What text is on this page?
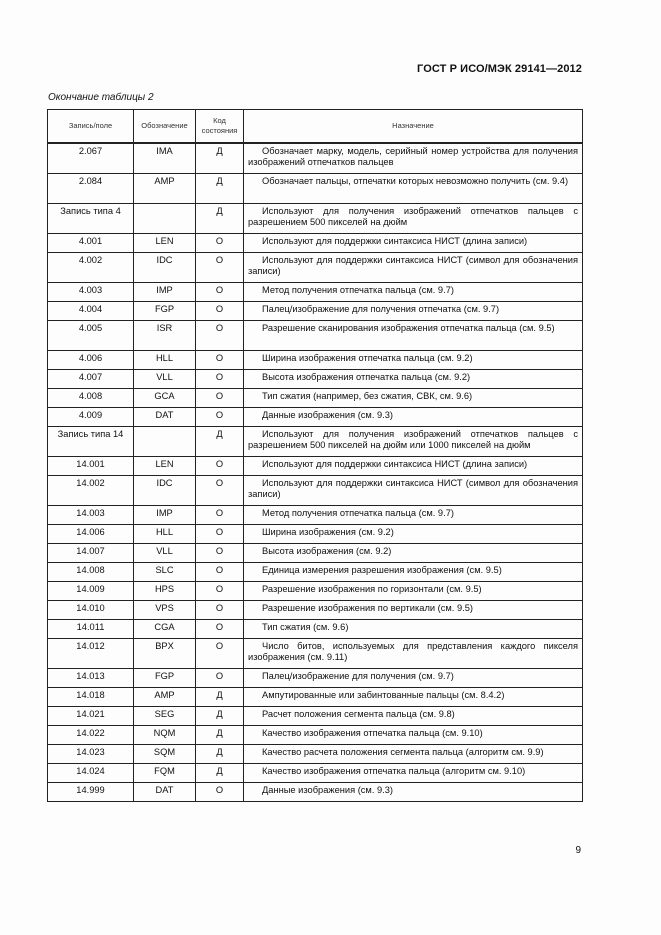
ГОСТ Р ИСО/МЭК 29141—2012
Окончание таблицы 2
Запись/поле	Обозначение	Код состояния	Назначение
2.067	IMA	Д	Обозначает марку, модель, серийный номер устройства для получения изображений отпечатков пальцев
2.084	AMP	Д	Обозначает пальцы, отпечатки которых невозможно получить (см. 9.4)
Запись типа 4		Д	Используют для получения изображений отпечатков пальцев с разрешением 500 пикселей на дюйм
4.001	LEN	О	Используют для поддержки синтаксиса НИСТ (длина записи)
4.002	IDC	О	Используют для поддержки синтаксиса НИСТ (символ для обозначения записи)
4.003	IMP	О	Метод получения отпечатка пальца (см. 9.7)
4.004	FGP	О	Палец/изображение для получения отпечатка (см. 9.7)
4.005	ISR	О	Разрешение сканирования изображения отпечатка пальца (см. 9.5)
4.006	HLL	О	Ширина изображения отпечатка пальца (см. 9.2)
4.007	VLL	О	Высота изображения отпечатка пальца (см. 9.2)
4.008	GCA	О	Тип сжатия (например, без сжатия, СВК, см. 9.6)
4.009	DAT	О	Данные изображения (см. 9.3)
Запись типа 14		Д	Используют для получения изображений отпечатков пальцев с разрешением 500 пикселей на дюйм или 1000 пикселей на дюйм
14.001	LEN	О	Используют для поддержки синтаксиса НИСТ (длина записи)
14.002	IDC	О	Используют для поддержки синтаксиса НИСТ (символ для обозначения записи)
14.003	IMP	О	Метод получения отпечатка пальца (см. 9.7)
14.006	HLL	О	Ширина изображения (см. 9.2)
14.007	VLL	О	Высота изображения (см. 9.2)
14.008	SLC	О	Единица измерения разрешения изображения (см. 9.5)
14.009	HPS	О	Разрешение изображения по горизонтали (см. 9.5)
14.010	VPS	О	Разрешение изображения по вертикали (см. 9.5)
14.011	CGA	О	Тип сжатия (см. 9.6)
14.012	BPX	О	Число битов, используемых для представления каждого пикселя изображения (см. 9.11)
14.013	FGP	О	Палец/изображение для получения (см. 9.7)
14.018	AMP	Д	Ампутированные или забинтованные пальцы (см. 8.4.2)
14.021	SEG	Д	Расчет положения сегмента пальца (см. 9.8)
14.022	NQM	Д	Качество изображения отпечатка пальца (см. 9.10)
14.023	SQM	Д	Качество расчета положения сегмента пальца (алгоритм см. 9.9)
14.024	FQM	Д	Качество изображения отпечатка пальца (алгоритм см. 9.10)
14.999	DAT	О	Данные изображения (см. 9.3)
9
